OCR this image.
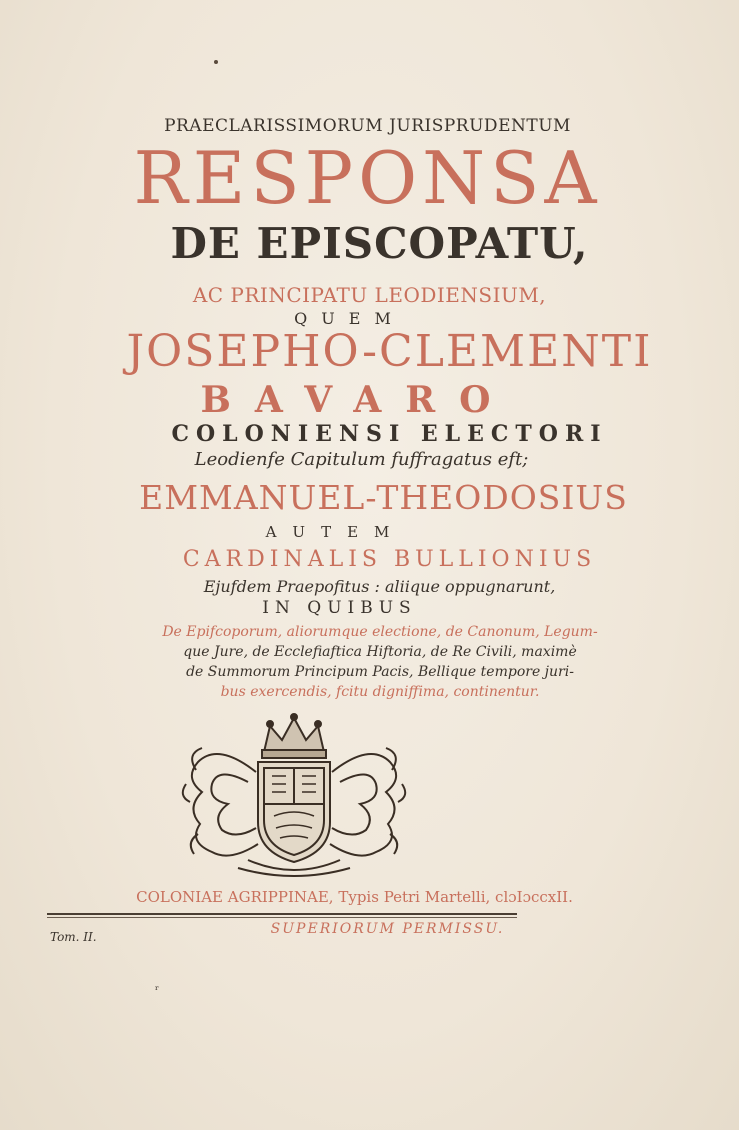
PRAECLARISSIMORUM JURISPRUDENTUM
RESPONSA
DE EPISCOPATU,
AC PRINCIPATU LEODIENSIUM,
QUEM
JOSEPHO-CLEMENTI
BAVARO
COLONIENSI ELECTORI
Leodienfe Capitulum fuffragatus eft;
EMMANUEL-THEODOSIUS
AUTEM
CARDINALIS BULLIONIUS
Ejufdem Praepofitus : aliique oppugnarunt,
IN QUIBUS
De Epifcoporum, aliorumque electione, de Canonum, Legum-
que Jure, de Ecclefiaftica Hiftoria, de Re Civili, maximè
de Summorum Principum Pacis, Bellique tempore juri-
bus exercendis, fcitu digniffima, continentur.
COLONIAE AGRIPPINAE, Typis Petri Martelli, clɔIɔccxII.
SUPERIORUM PERMISSU.
Tom. II.
ʳ
